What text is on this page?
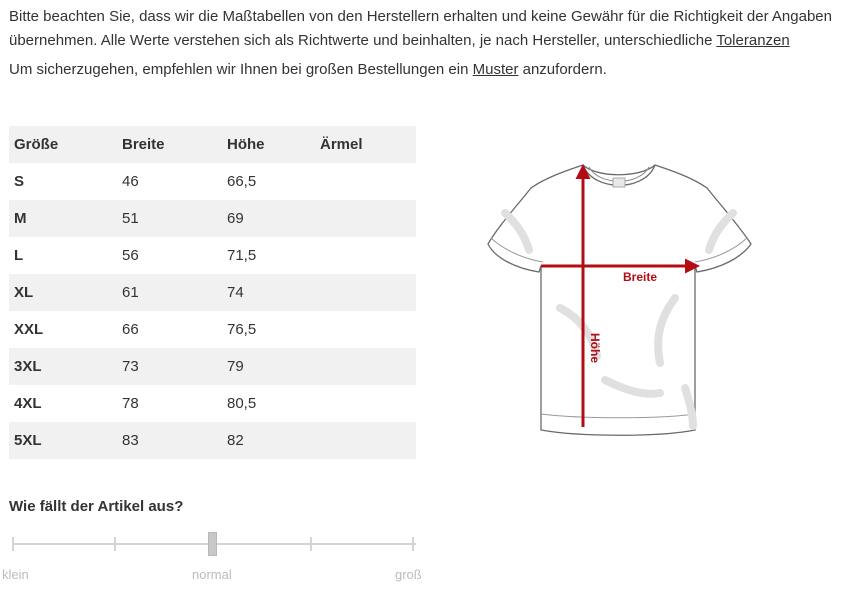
Bitte beachten Sie, dass wir die Maßtabellen von den Herstellern erhalten und keine Gewähr für die Richtigkeit der Angaben übernehmen. Alle Werte verstehen sich als Richtwerte und beinhalten, je nach Hersteller, unterschiedliche Toleranzen

Um sicherzugehen, empfehlen wir Ihnen bei großen Bestellungen ein Muster anzufordern.

Größe	Breite	Höhe	Ärmel
S	46	66,5	
M	51	69	
L	56	71,5	
XL	61	74	
XXL	66	76,5	
3XL	73	79	
4XL	78	80,5	
5XL	83	82	
Breite
Höhe
Wie fällt der Artikel aus?
klein	normal	groß
